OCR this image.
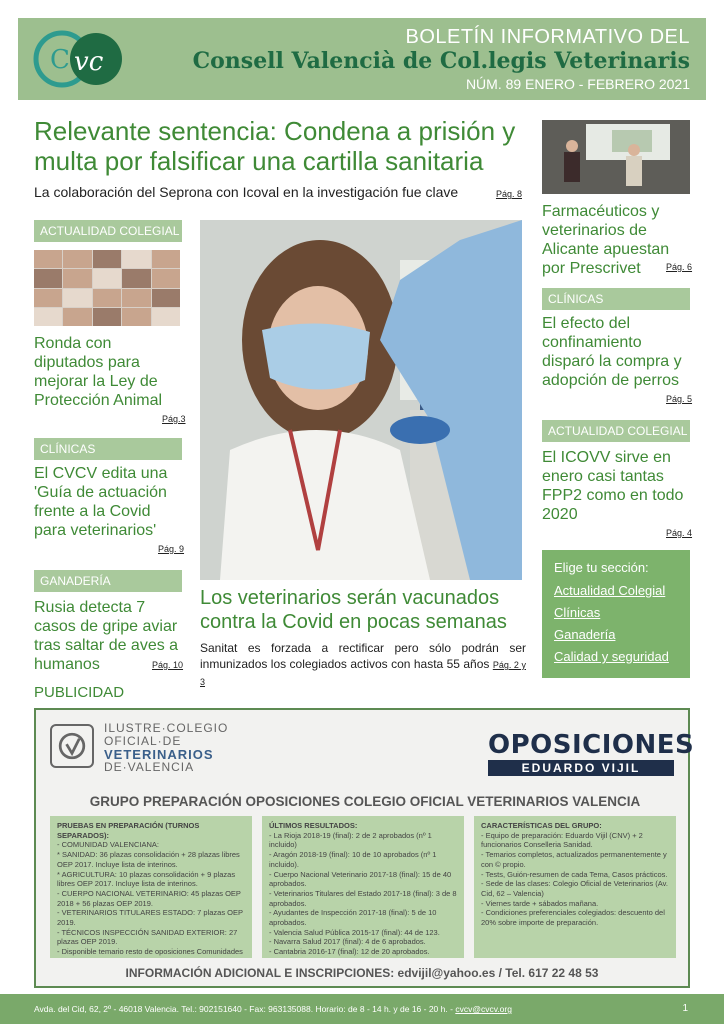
C vc
BOLETÍN INFORMATIVO DEL
Consell Valencià de Col.legis Veterinaris
NÚM. 89 ENERO - FEBRERO 2021
Relevante sentencia: Condena a prisión y multa por falsificar una cartilla sanitaria
La colaboración del Seprona con Icoval en la investigación fue clave	Pág. 8
ACTUALIDAD COLEGIAL
Ronda con diputados para mejorar la Ley de Protección Animal
Pág.3
CLÍNICAS
El CVCV edita una 'Guía de actuación frente a la Covid para veterinarios'
Pág. 9
GANADERÍA
Rusia detecta 7 casos de gripe aviar tras saltar de aves a humanos	Pág. 10
Los veterinarios serán vacunados contra la Covid en pocas semanas
Sanitat es forzada a rectificar pero sólo podrán ser inmunizados los colegiados activos con hasta 55 años Pág. 2 y 3
Farmacéuticos y veterinarios de Alicante apuestan por Prescrivet	Pág. 6
CLÍNICAS
El efecto del confinamiento disparó la compra y adopción de perros
Pág. 5
ACTUALIDAD COLEGIAL
El ICOVV sirve en enero casi tantas FPP2 como en todo 2020
Pág. 4
Elige tu sección:
Actualidad Colegial
Clínicas
Ganadería
Calidad y seguridad
PUBLICIDAD
ILUSTRE·COLEGIO
OFICIAL·DE
VETERINARIOS
DE·VALENCIA
OPOSICIONES
EDUARDO VIJIL
GRUPO PREPARACIÓN OPOSICIONES COLEGIO OFICIAL VETERINARIOS VALENCIA
PRUEBAS EN PREPARACIÓN (TURNOS SEPARADOS):
- COMUNIDAD VALENCIANA:
* SANIDAD: 36 plazas consolidación + 28 plazas libres OEP 2017. Incluye lista de interinos.
* AGRICULTURA: 10 plazas consolidación + 9 plazas libres OEP 2017. Incluye lista de interinos.
- CUERPO NACIONAL VETERINARIO: 45 plazas OEP 2018 + 56 plazas OEP 2019.
- VETERINARIOS TITULARES ESTADO: 7 plazas OEP 2019.
- TÉCNICOS INSPECCIÓN SANIDAD EXTERIOR: 27 plazas OEP 2019.
- Disponible temario resto de oposiciones Comunidades
ÚLTIMOS RESULTADOS:
- La Rioja 2018-19 (final): 2 de 2 aprobados (nº 1 incluido)
- Aragón 2018-19 (final): 10 de 10 aprobados (nº 1 incluido).
- Cuerpo Nacional Veterinario 2017-18 (final): 15 de 40 aprobados.
- Veterinarios Titulares del Estado 2017-18 (final): 3 de 8 aprobados.
- Ayudantes de Inspección 2017-18 (final): 5 de 10 aprobados.
- Valencia Salud Pública 2015-17 (final): 44 de 123.
- Navarra Salud 2017 (final): 4 de 6 aprobados.
- Cantabria 2016-17 (final): 12 de 20 aprobados.
CARACTERÍSTICAS DEL GRUPO:
- Equipo de preparación: Eduardo Vijil (CNV) + 2 funcionarios Conselleria Sanidad.
- Temarios completos, actualizados permanentemente y con © propio.
- Tests, Guión-resumen de cada Tema, Casos prácticos.
- Sede de las clases: Colegio Oficial de Veterinarios (Av. Cid, 62 – Valencia)
- Viernes tarde + sábados mañana.
- Condiciones preferenciales colegiados: descuento del 20% sobre importe de preparación.
INFORMACIÓN ADICIONAL E INSCRIPCIONES: edvijil@yahoo.es / Tel. 617 22 48 53
Avda. del Cid, 62, 2º - 46018 Valencia. Tel.: 902151640 - Fax: 963135088. Horario: de 8 - 14 h. y de 16 - 20 h. - cvcv@cvcv.org	1
